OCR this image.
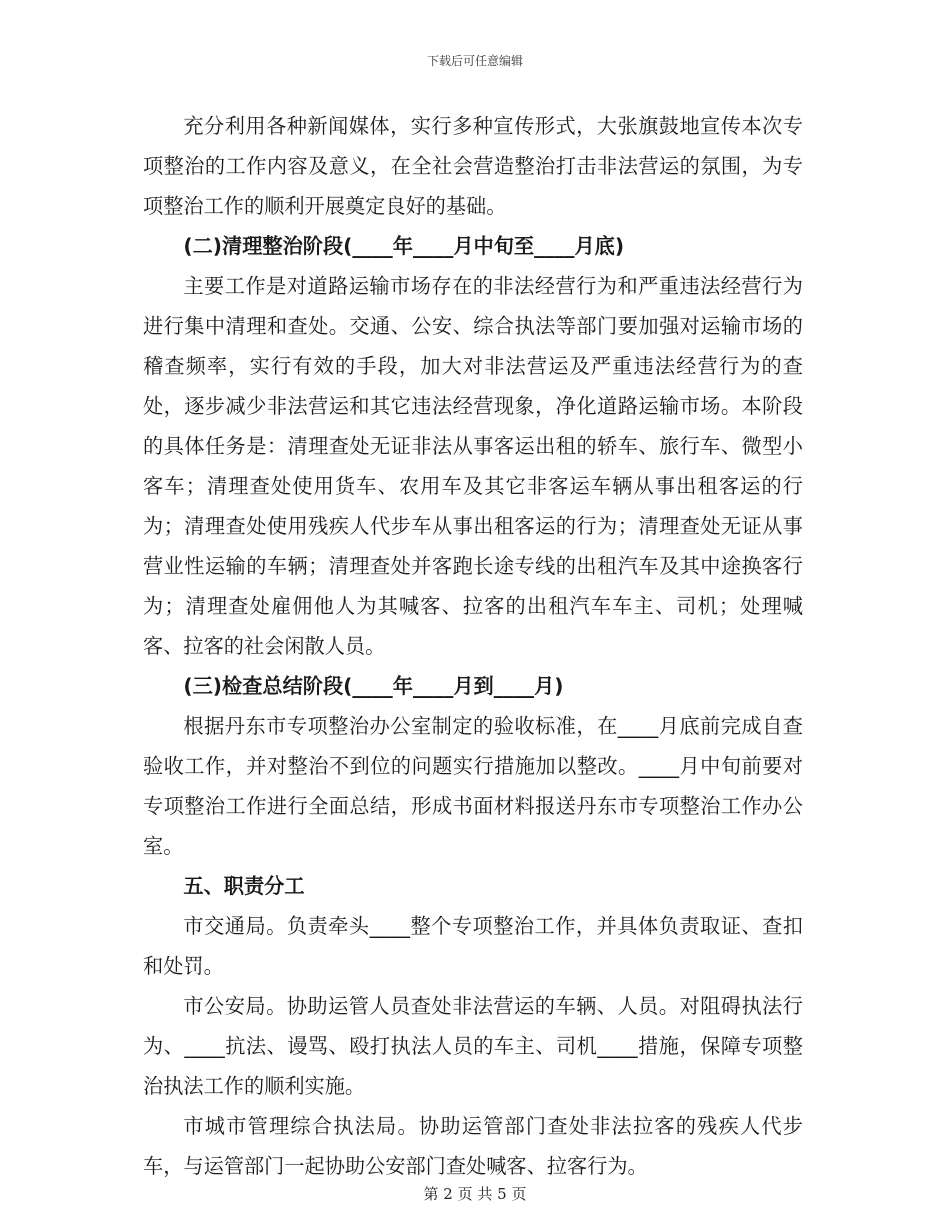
下载后可任意编辑

充分利用各种新闻媒体，实行多种宣传形式，大张旗鼓地宣传本次专项整治的工作内容及意义，在全社会营造整治打击非法营运的氛围，为专项整治工作的顺利开展奠定良好的基础。

(二)清理整治阶段(____年____月中旬至____月底)

主要工作是对道路运输市场存在的非法经营行为和严重违法经营行为进行集中清理和查处。交通、公安、综合执法等部门要加强对运输市场的稽查频率，实行有效的手段，加大对非法营运及严重违法经营行为的查处，逐步减少非法营运和其它违法经营现象，净化道路运输市场。本阶段的具体任务是：清理查处无证非法从事客运出租的轿车、旅行车、微型小客车；清理查处使用货车、农用车及其它非客运车辆从事出租客运的行为；清理查处使用残疾人代步车从事出租客运的行为；清理查处无证从事营业性运输的车辆；清理查处并客跑长途专线的出租汽车及其中途换客行为；清理查处雇佣他人为其喊客、拉客的出租汽车车主、司机；处理喊客、拉客的社会闲散人员。

(三)检查总结阶段(____年____月到____月)

根据丹东市专项整治办公室制定的验收标准，在____月底前完成自查验收工作，并对整治不到位的问题实行措施加以整改。____月中旬前要对专项整治工作进行全面总结，形成书面材料报送丹东市专项整治工作办公室。

五、职责分工

市交通局。负责牵头____整个专项整治工作，并具体负责取证、查扣和处罚。

市公安局。协助运管人员查处非法营运的车辆、人员。对阻碍执法行为、____抗法、谩骂、殴打执法人员的车主、司机____措施，保障专项整治执法工作的顺利实施。

市城市管理综合执法局。协助运管部门查处非法拉客的残疾人代步车，与运管部门一起协助公安部门查处喊客、拉客行为。

第 2 页 共 5 页
